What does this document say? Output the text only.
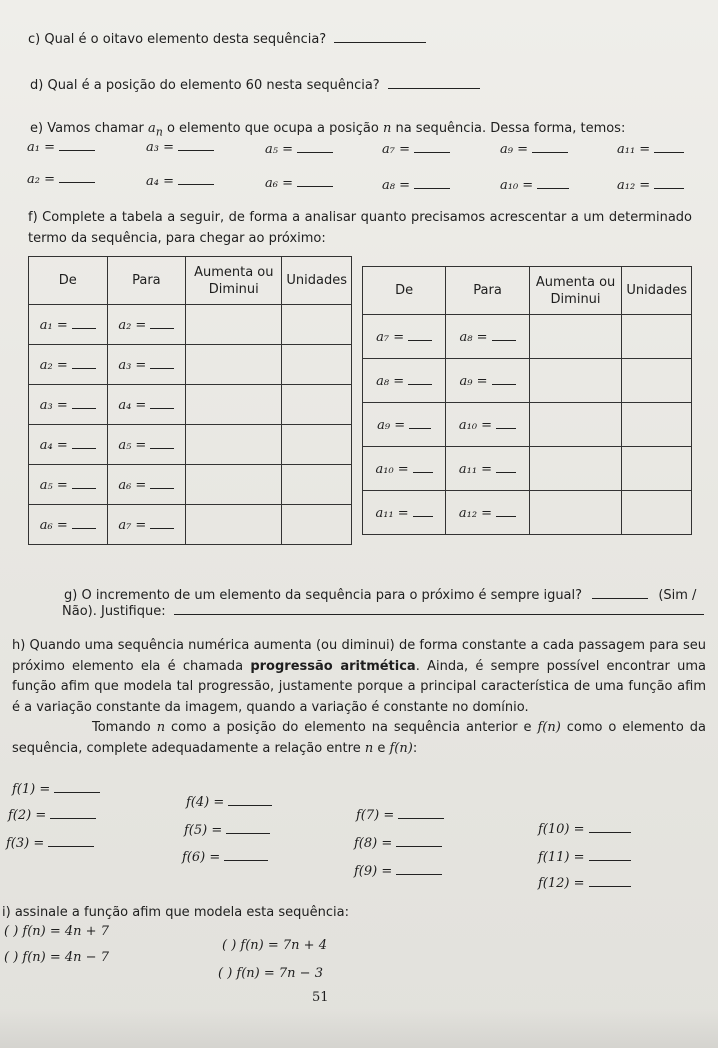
c) Qual é o oitavo elemento desta sequência?
d) Qual é a posição do elemento 60 nesta sequência?
e) Vamos chamar $a_n$ o elemento que ocupa a posição n na sequência. Dessa forma, temos:
a₁ =	a₃ =	a₅ =	a₇ =	a₉ =	a₁₁ =
a₂ =	a₄ =	a₆ =	a₈ =	a₁₀ =	a₁₂ =
f) Complete a tabela a seguir, de forma a analisar quanto precisamos acrescentar a um determinado termo da sequência, para chegar ao próximo:
De	Para	Aumenta ou Diminui	Unidades
a₁ =	a₂ =		
a₂ =	a₃ =		
a₃ =	a₄ =		
a₄ =	a₅ =		
a₅ =	a₆ =		
a₆ =	a₇ =		
De	Para	Aumenta ou Diminui	Unidades
a₇ =	a₈ =		
a₈ =	a₉ =		
a₉ =	a₁₀ =		
a₁₀ =	a₁₁ =		
a₁₁ =	a₁₂ =		
g) O incremento de um elemento da sequência para o próximo é sempre igual?	(Sim /
Não). Justifique:
h) Quando uma sequência numérica aumenta (ou diminui) de forma constante a cada passagem para seu próximo elemento ela é chamada progressão aritmética. Ainda, é sempre possível encontrar uma função afim que modela tal progressão, justamente porque a principal característica de uma função afim é a variação constante da imagem, quando a variação é constante no domínio.
Tomando n como a posição do elemento na sequência anterior e f(n) como o elemento da sequência, complete adequadamente a relação entre n e f(n):
f(1) =
f(2) =
f(3) =
f(4) =
f(5) =
f(6) =
f(7) =
f(8) =
f(9) =
f(10) =
f(11) =
f(12) =
i) assinale a função afim que modela esta sequência:
( ) f(n) = 4n + 7
( ) f(n) = 4n − 7
( ) f(n) = 7n + 4
( ) f(n) = 7n − 3
51
